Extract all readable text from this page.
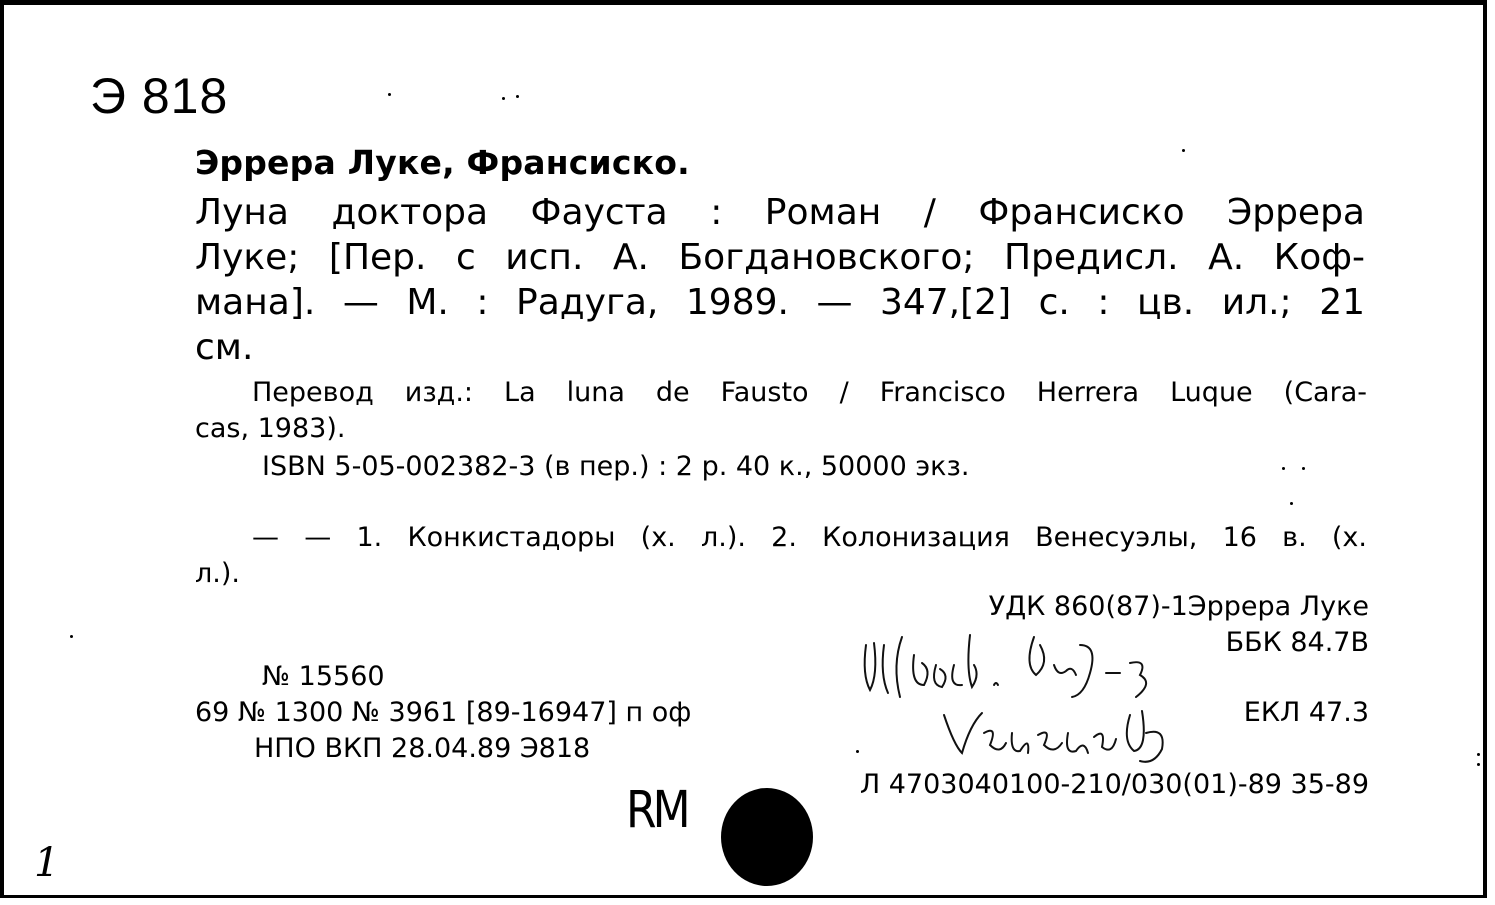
Э 818
Эррера Луке, Франсиско.
Луна доктора Фауста : Роман / Франсиско Эррера
Луке; [Пер. с исп. А. Богдановского; Предисл. А. Коф-
мана]. — М. : Радуга, 1989. — 347,[2] с. : цв. ил.; 21
см.
Перевод изд.: La luna de Fausto / Francisco Herrera Luque (Cara-
cas, 1983).
ISBN 5-05-002382-3 (в пер.) : 2 р. 40 к., 50000 экз.
— — 1. Конкистадоры (х. л.). 2. Колонизация Венесуэлы, 16 в. (х.
л.).
УДК 860(87)-1Эррера Луке
ББК 84.7В
ЕКЛ 47.3
Л 4703040100-210/030(01)-89 35-89
№ 15560
69 № 1300 № 3961 [89-16947] п оф
НПО ВКП 28.04.89 Э818
RM
1
